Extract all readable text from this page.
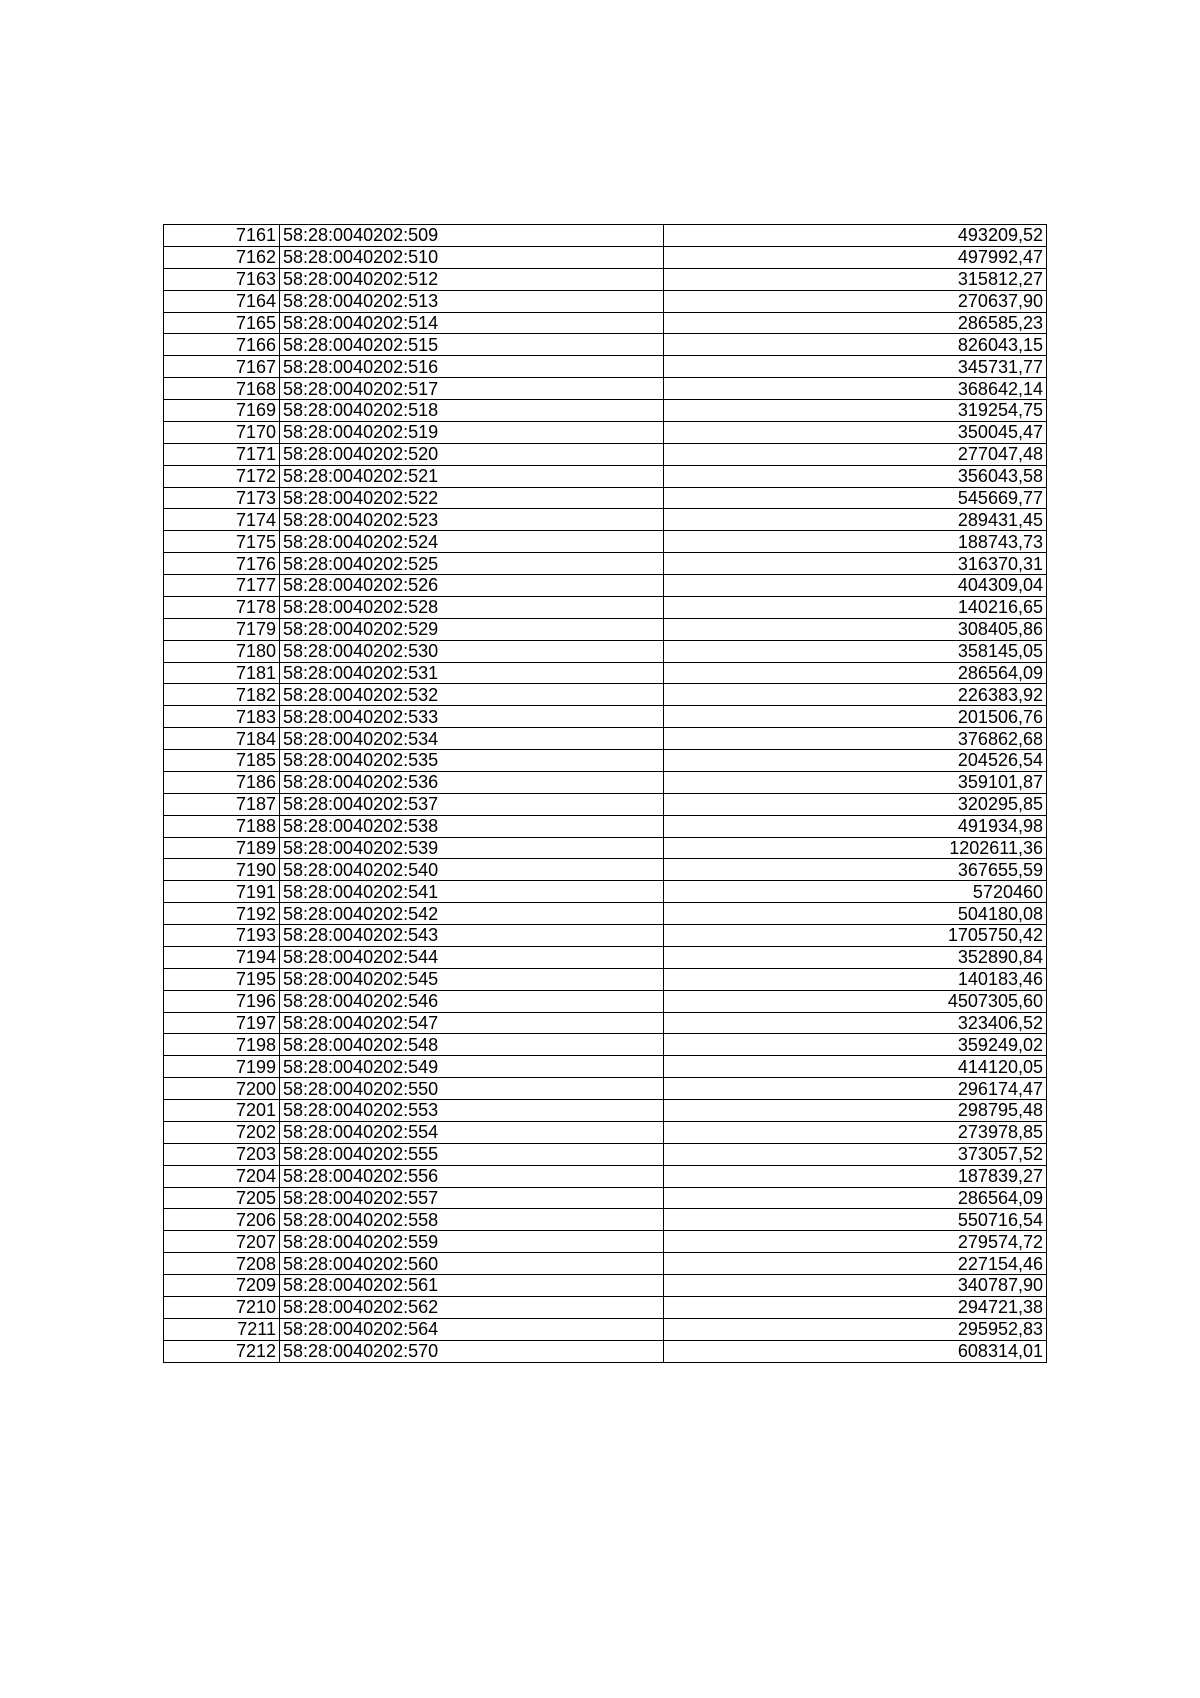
7161	58:28:0040202:509	493209,52
7162	58:28:0040202:510	497992,47
7163	58:28:0040202:512	315812,27
7164	58:28:0040202:513	270637,90
7165	58:28:0040202:514	286585,23
7166	58:28:0040202:515	826043,15
7167	58:28:0040202:516	345731,77
7168	58:28:0040202:517	368642,14
7169	58:28:0040202:518	319254,75
7170	58:28:0040202:519	350045,47
7171	58:28:0040202:520	277047,48
7172	58:28:0040202:521	356043,58
7173	58:28:0040202:522	545669,77
7174	58:28:0040202:523	289431,45
7175	58:28:0040202:524	188743,73
7176	58:28:0040202:525	316370,31
7177	58:28:0040202:526	404309,04
7178	58:28:0040202:528	140216,65
7179	58:28:0040202:529	308405,86
7180	58:28:0040202:530	358145,05
7181	58:28:0040202:531	286564,09
7182	58:28:0040202:532	226383,92
7183	58:28:0040202:533	201506,76
7184	58:28:0040202:534	376862,68
7185	58:28:0040202:535	204526,54
7186	58:28:0040202:536	359101,87
7187	58:28:0040202:537	320295,85
7188	58:28:0040202:538	491934,98
7189	58:28:0040202:539	1202611,36
7190	58:28:0040202:540	367655,59
7191	58:28:0040202:541	5720460
7192	58:28:0040202:542	504180,08
7193	58:28:0040202:543	1705750,42
7194	58:28:0040202:544	352890,84
7195	58:28:0040202:545	140183,46
7196	58:28:0040202:546	4507305,60
7197	58:28:0040202:547	323406,52
7198	58:28:0040202:548	359249,02
7199	58:28:0040202:549	414120,05
7200	58:28:0040202:550	296174,47
7201	58:28:0040202:553	298795,48
7202	58:28:0040202:554	273978,85
7203	58:28:0040202:555	373057,52
7204	58:28:0040202:556	187839,27
7205	58:28:0040202:557	286564,09
7206	58:28:0040202:558	550716,54
7207	58:28:0040202:559	279574,72
7208	58:28:0040202:560	227154,46
7209	58:28:0040202:561	340787,90
7210	58:28:0040202:562	294721,38
7211	58:28:0040202:564	295952,83
7212	58:28:0040202:570	608314,01
